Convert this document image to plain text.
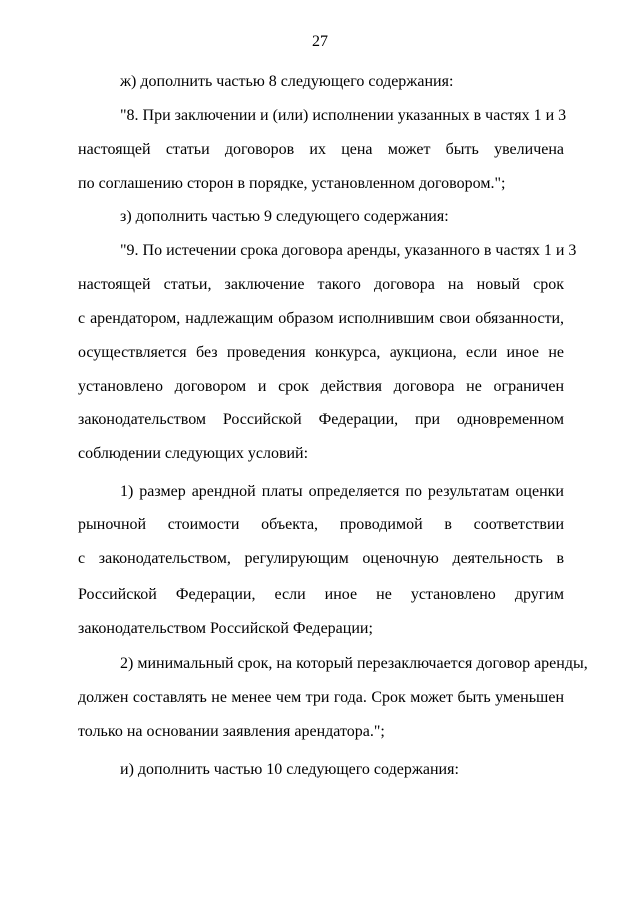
27
ж) дополнить частью 8 следующего содержания:
"8. При заключении и (или) исполнении указанных в частях 1 и 3
настоящей статьи договоров их цена может быть увеличена
по соглашению сторон в порядке, установленном договором.";
з) дополнить частью 9 следующего содержания:
"9. По истечении срока договора аренды, указанного в частях 1 и 3
настоящей статьи, заключение такого договора на новый срок
с арендатором, надлежащим образом исполнившим свои обязанности,
осуществляется без проведения конкурса, аукциона, если иное не
установлено договором и срок действия договора не ограничен
законодательством Российской Федерации, при одновременном
соблюдении следующих условий:
1) размер арендной платы определяется по результатам оценки
рыночной стоимости объекта, проводимой в соответствии
с законодательством, регулирующим оценочную деятельность в
Российской Федерации, если иное не установлено другим
законодательством Российской Федерации;
2) минимальный срок, на который перезаключается договор аренды,
должен составлять не менее чем три года. Срок может быть уменьшен
только на основании заявления арендатора.";
и) дополнить частью 10 следующего содержания:
